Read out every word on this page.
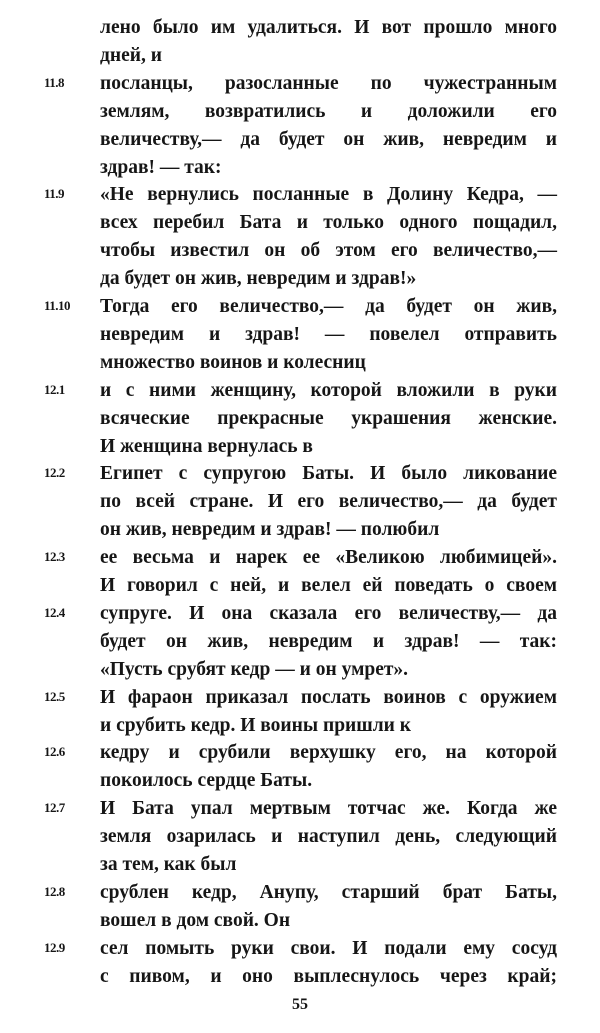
лено было им удалиться. И вот прошло много
дней, и
11.8 посланцы, разосланные по чужестранным
землям, возвратились и доложили его
величеству,— да будет он жив, невредим и
здрав! — так:
11.9 «Не вернулись посланные в Долину Кедра, —
всех перебил Бата и только одного пощадил,
чтобы известил он об этом его величество,—
да будет он жив, невредим и здрав!»
11.10 Тогда его величество,— да будет он жив,
невредим и здрав! — повелел отправить
множество воинов и колесниц
12.1 и с ними женщину, которой вложили в руки
всяческие прекрасные украшения женские.
И женщина вернулась в
12.2 Египет с супругою Баты. И было ликование
по всей стране. И его величество,— да будет
он жив, невредим и здрав! — полюбил
12.3 ее весьма и нарек ее «Великою любимицей».
И говорил с ней, и велел ей поведать о своем
12.4 супруге. И она сказала его величеству,— да
будет он жив, невредим и здрав! — так:
«Пусть срубят кедр — и он умрет».
12.5 И фараон приказал послать воинов с оружием
и срубить кедр. И воины пришли к
12.6 кедру и срубили верхушку его, на которой
покоилось сердце Баты.
12.7 И Бата упал мертвым тотчас же. Когда же
земля озарилась и наступил день, следующий
за тем, как был
12.8 срублен кедр, Анупу, старший брат Баты,
вошел в дом свой. Он
12.9 сел помыть руки свои. И подали ему сосуд
с пивом, и оно выплеснулось через край;
55
